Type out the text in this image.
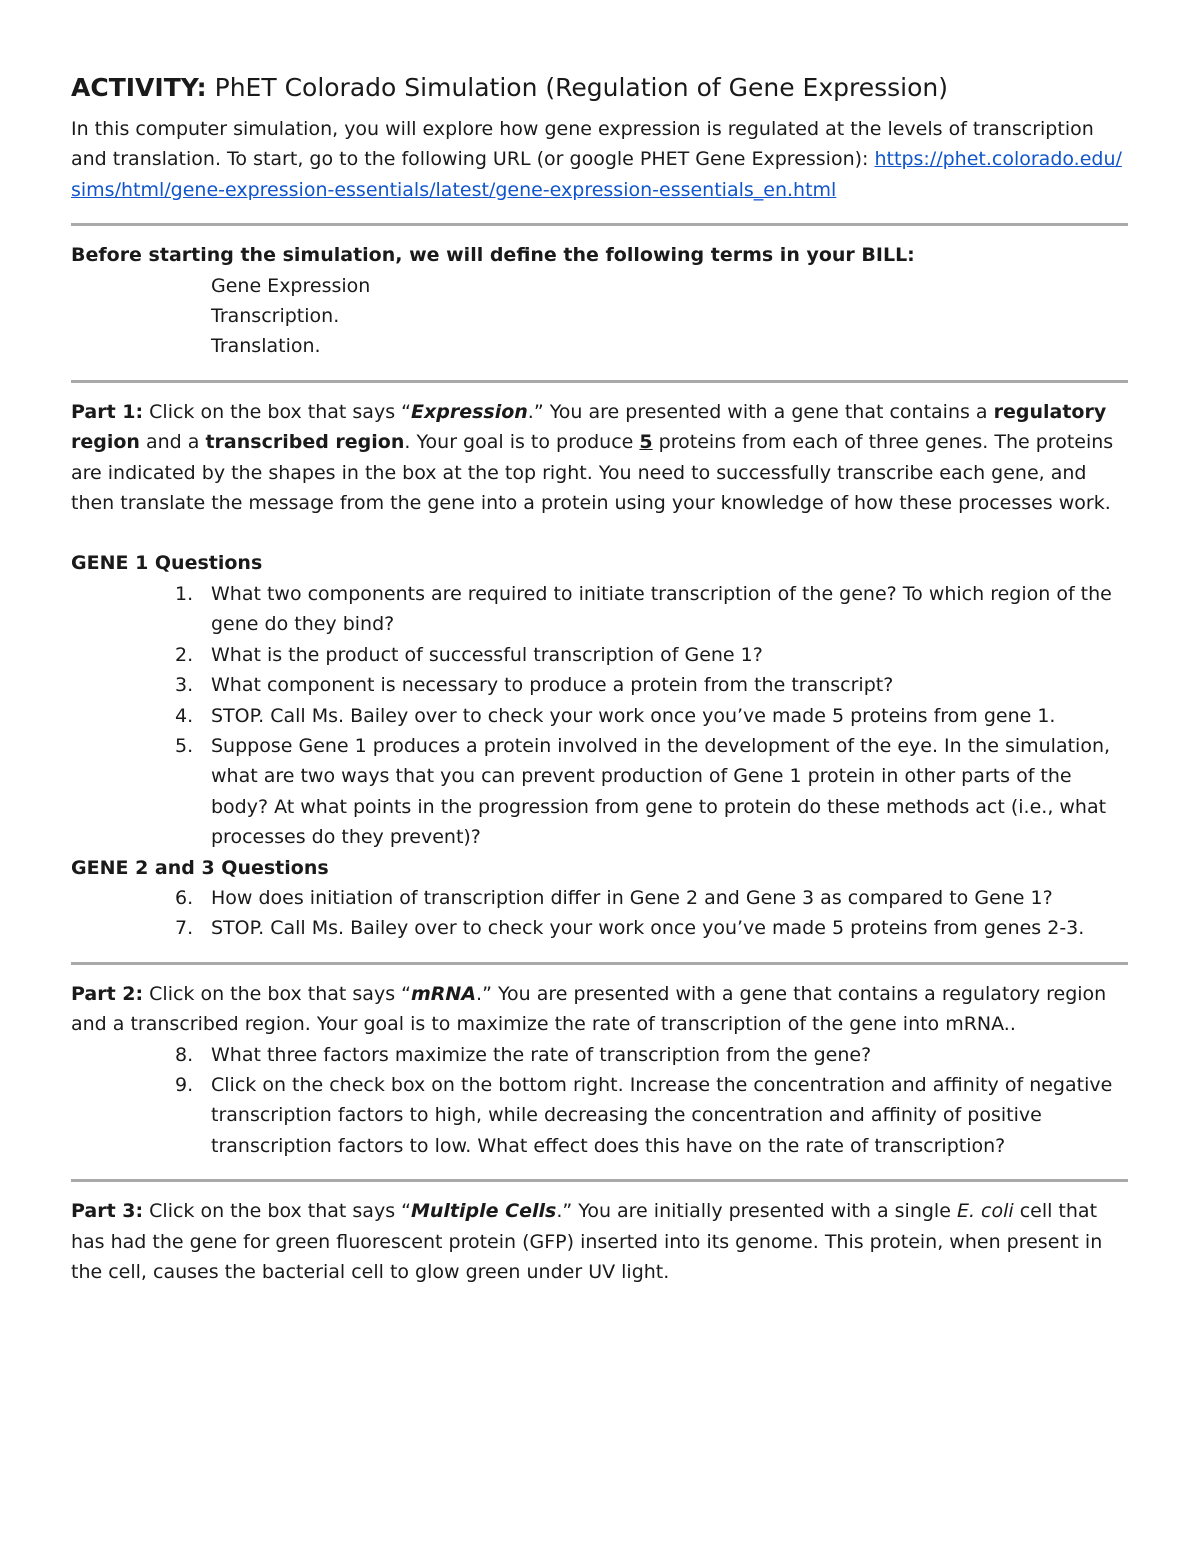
ACTIVITY: PhET Colorado Simulation (Regulation of Gene Expression)

In this computer simulation, you will explore how gene expression is regulated at the levels of transcription and translation. To start, go to the following URL (or google PHET Gene Expression): https://phet.colorado.edu/sims/html/gene-expression-essentials/latest/gene-expression-essentials_en.html

Before starting the simulation, we will define the following terms in your BILL:

Gene Expression
Transcription.
Translation.

Part 1: Click on the box that says “Expression.” You are presented with a gene that contains a regulatory region and a transcribed region. Your goal is to produce 5 proteins from each of three genes. The proteins are indicated by the shapes in the box at the top right. You need to successfully transcribe each gene, and then translate the message from the gene into a protein using your knowledge of how these processes work.

GENE 1 Questions

1. What two components are required to initiate transcription of the gene? To which region of the gene do they bind?
2. What is the product of successful transcription of Gene 1?
3. What component is necessary to produce a protein from the transcript?
4. STOP. Call Ms. Bailey over to check your work once you’ve made 5 proteins from gene 1.
5. Suppose Gene 1 produces a protein involved in the development of the eye. In the simulation, what are two ways that you can prevent production of Gene 1 protein in other parts of the body? At what points in the progression from gene to protein do these methods act (i.e., what processes do they prevent)?

GENE 2 and 3 Questions

6. How does initiation of transcription differ in Gene 2 and Gene 3 as compared to Gene 1?
7. STOP. Call Ms. Bailey over to check your work once you’ve made 5 proteins from genes 2-3.

Part 2: Click on the box that says “mRNA.” You are presented with a gene that contains a regulatory region and a transcribed region. Your goal is to maximize the rate of transcription of the gene into mRNA..

8. What three factors maximize the rate of transcription from the gene?
9. Click on the check box on the bottom right. Increase the concentration and affinity of negative transcription factors to high, while decreasing the concentration and affinity of positive transcription factors to low. What effect does this have on the rate of transcription?

Part 3: Click on the box that says “Multiple Cells.” You are initially presented with a single E. coli cell that has had the gene for green fluorescent protein (GFP) inserted into its genome. This protein, when present in the cell, causes the bacterial cell to glow green under UV light.
